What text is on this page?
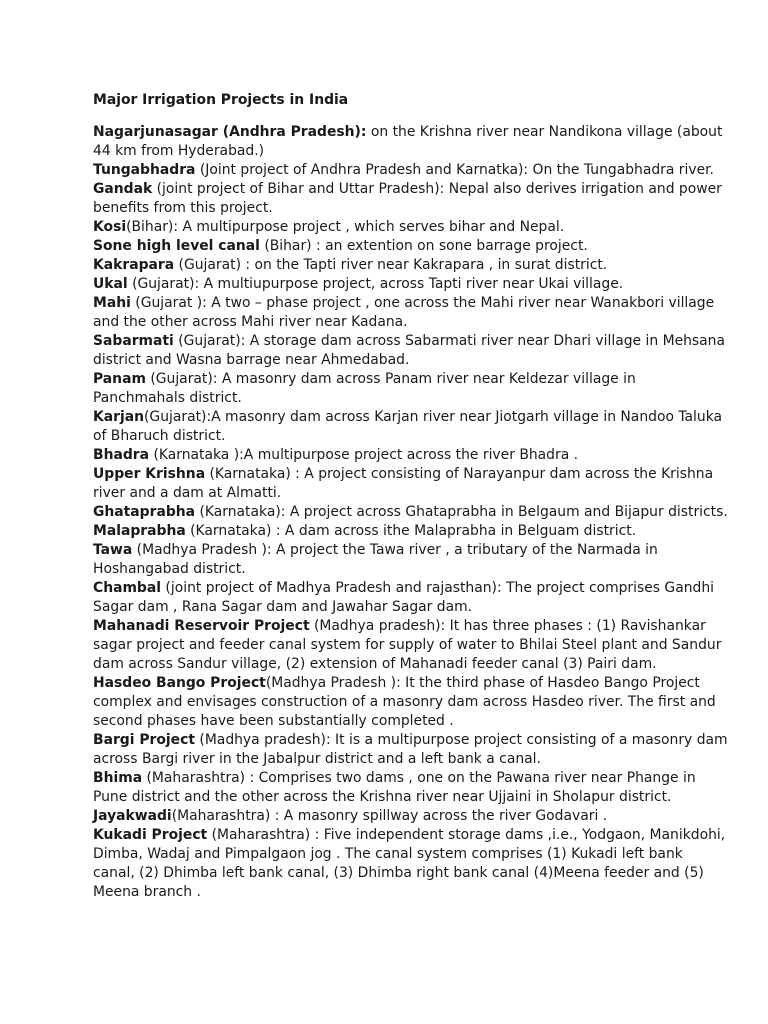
Major Irrigation Projects in India
Nagarjunasagar (Andhra Pradesh): on the Krishna river near Nandikona village (about 44 km from Hyderabad.)
Tungabhadra (Joint project of Andhra Pradesh and Karnatka): On the Tungabhadra river.
Gandak (joint project of Bihar and Uttar Pradesh): Nepal also derives irrigation and power benefits from this project.
Kosi(Bihar): A multipurpose project , which serves bihar and Nepal.
Sone high level canal (Bihar) : an extention on sone barrage project.
Kakrapara (Gujarat) : on the Tapti river near Kakrapara , in surat district.
Ukal (Gujarat): A multiupurpose project, across Tapti river near Ukai village.
Mahi (Gujarat ): A two – phase project , one across the Mahi river near Wanakbori village and the other across Mahi river near Kadana.
Sabarmati (Gujarat): A storage dam across Sabarmati river near Dhari village in Mehsana district and Wasna barrage near Ahmedabad.
Panam (Gujarat): A masonry dam across Panam river near Keldezar village in Panchmahals district.
Karjan(Gujarat):A masonry dam across Karjan river near Jiotgarh village in Nandoo Taluka of Bharuch district.
Bhadra (Karnataka ):A multipurpose project across the river Bhadra .
Upper Krishna (Karnataka) : A project consisting of Narayanpur dam across the Krishna river and a dam at Almatti.
Ghataprabha (Karnataka): A project across Ghataprabha in Belgaum and Bijapur districts.
Malaprabha (Karnataka) : A dam across ithe Malaprabha in Belguam district.
Tawa (Madhya Pradesh ): A project the Tawa river , a tributary of the Narmada in Hoshangabad district.
Chambal (joint project of Madhya Pradesh and rajasthan): The project comprises Gandhi Sagar dam , Rana Sagar dam and Jawahar Sagar dam.
Mahanadi Reservoir Project (Madhya pradesh): It has three phases : (1) Ravishankar sagar project and feeder canal system for supply of water to Bhilai Steel plant and Sandur dam across Sandur village, (2) extension of Mahanadi feeder canal (3) Pairi dam.
Hasdeo Bango Project(Madhya Pradesh ): It the third phase of Hasdeo Bango Project complex and envisages construction of a masonry dam across Hasdeo river. The first and second phases have been substantially completed .
Bargi Project (Madhya pradesh): It is a multipurpose project consisting of a masonry dam across Bargi river in the Jabalpur district and a left bank a canal.
Bhima (Maharashtra) : Comprises two dams , one on the Pawana river near Phange in Pune district and the other across the Krishna river near Ujjaini in Sholapur district.
Jayakwadi(Maharashtra) : A masonry spillway across the river Godavari .
Kukadi Project (Maharashtra) : Five independent storage dams ,i.e., Yodgaon, Manikdohi, Dimba, Wadaj and Pimpalgaon jog . The canal system comprises (1) Kukadi left bank canal, (2) Dhimba left bank canal, (3) Dhimba right bank canal (4)Meena feeder and (5) Meena branch .
